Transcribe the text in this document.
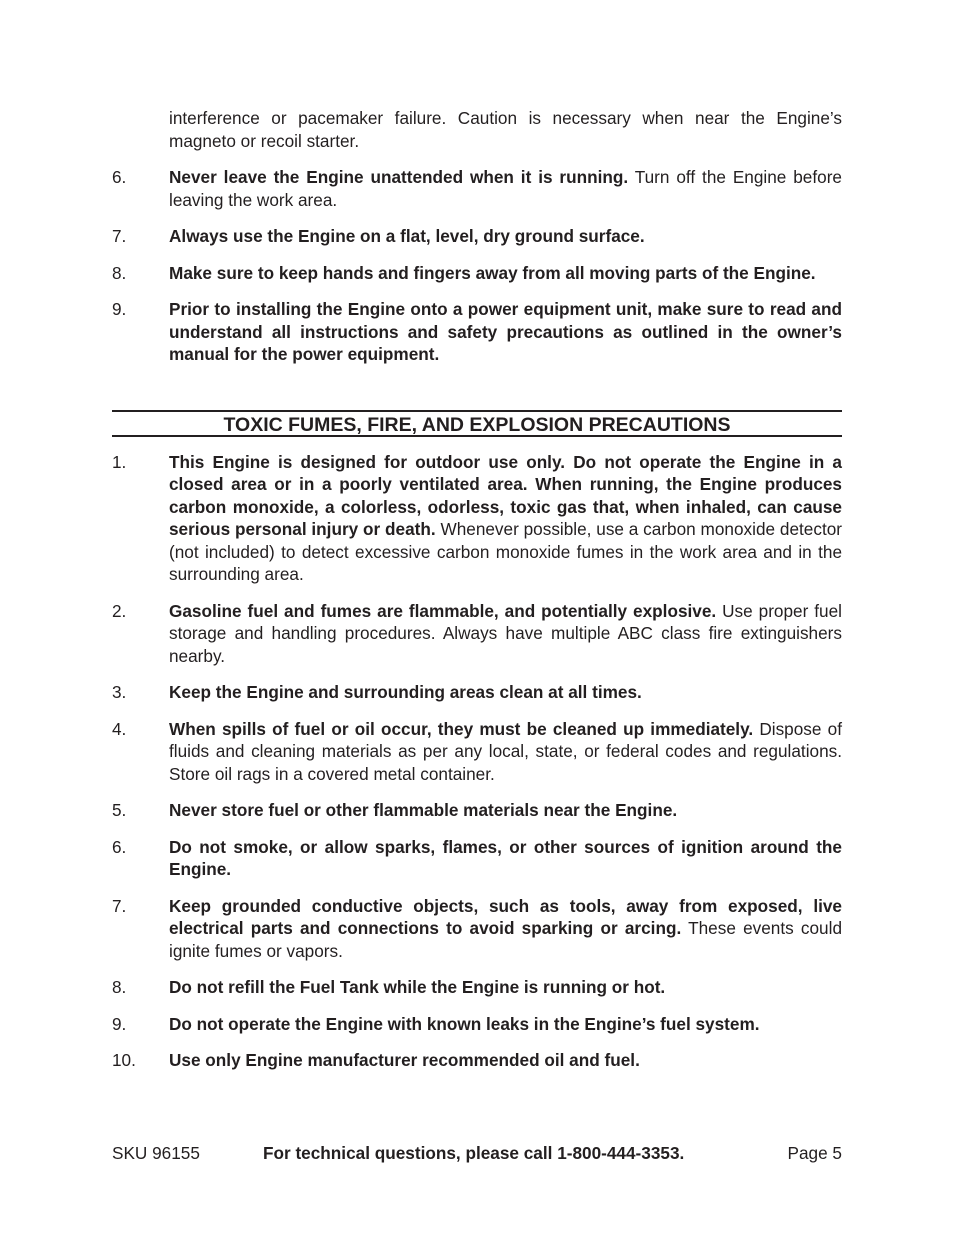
interference or pacemaker failure. Caution is necessary when near the Engine’s magneto or recoil starter.
6.	Never leave the Engine unattended when it is running. Turn off the Engine before leaving the work area.
7.	Always use the Engine on a flat, level, dry ground surface.
8.	Make sure to keep hands and fingers away from all moving parts of the Engine.
9.	Prior to installing the Engine onto a power equipment unit, make sure to read and understand all instructions and safety precautions as outlined in the owner’s manual for the power equipment.
TOXIC FUMES, FIRE, AND EXPLOSION PRECAUTIONS
1.	This Engine is designed for outdoor use only. Do not operate the Engine in a closed area or in a poorly ventilated area. When running, the Engine produces carbon monoxide, a colorless, odorless, toxic gas that, when inhaled, can cause serious personal injury or death. Whenever possible, use a carbon monoxide detector (not included) to detect excessive carbon monoxide fumes in the work area and in the surrounding area.
2.	Gasoline fuel and fumes are flammable, and potentially explosive. Use proper fuel storage and handling procedures. Always have multiple ABC class fire extinguishers nearby.
3.	Keep the Engine and surrounding areas clean at all times.
4.	When spills of fuel or oil occur, they must be cleaned up immediately. Dispose of fluids and cleaning materials as per any local, state, or federal codes and regulations. Store oil rags in a covered metal container.
5.	Never store fuel or other flammable materials near the Engine.
6.	Do not smoke, or allow sparks, flames, or other sources of ignition around the Engine.
7.	Keep grounded conductive objects, such as tools, away from exposed, live electrical parts and connections to avoid sparking or arcing. These events could ignite fumes or vapors.
8.	Do not refill the Fuel Tank while the Engine is running or hot.
9.	Do not operate the Engine with known leaks in the Engine’s fuel system.
10.	Use only Engine manufacturer recommended oil and fuel.
SKU 96155	For technical questions, please call 1-800-444-3353.	Page 5
